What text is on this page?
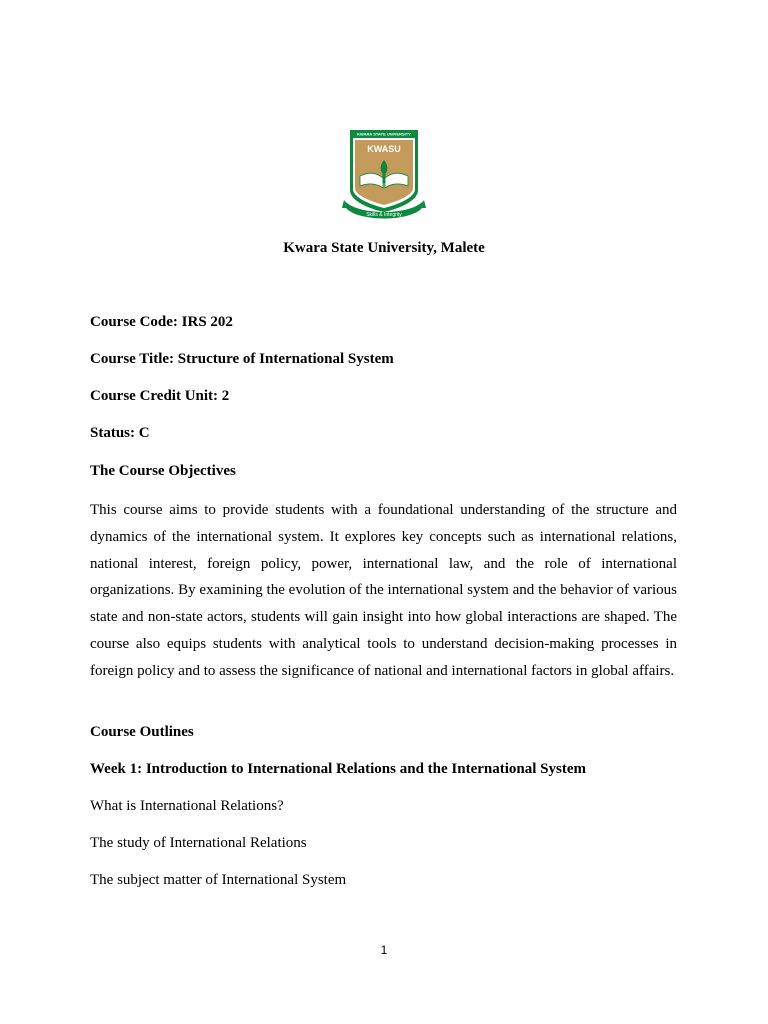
KWARA STATE UNIVERSITY
KWASU
Skills & Integrity
Kwara State University, Malete
Course Code: IRS 202
Course Title: Structure of International System
Course Credit Unit: 2
Status: C
The Course Objectives
This course aims to provide students with a foundational understanding of the structure and dynamics of the international system. It explores key concepts such as international relations, national interest, foreign policy, power, international law, and the role of international organizations. By examining the evolution of the international system and the behavior of various state and non-state actors, students will gain insight into how global interactions are shaped. The course also equips students with analytical tools to understand decision-making processes in foreign policy and to assess the significance of national and international factors in global affairs.
Course Outlines
Week 1: Introduction to International Relations and the International System
What is International Relations?
The study of International Relations
The subject matter of International System
1
